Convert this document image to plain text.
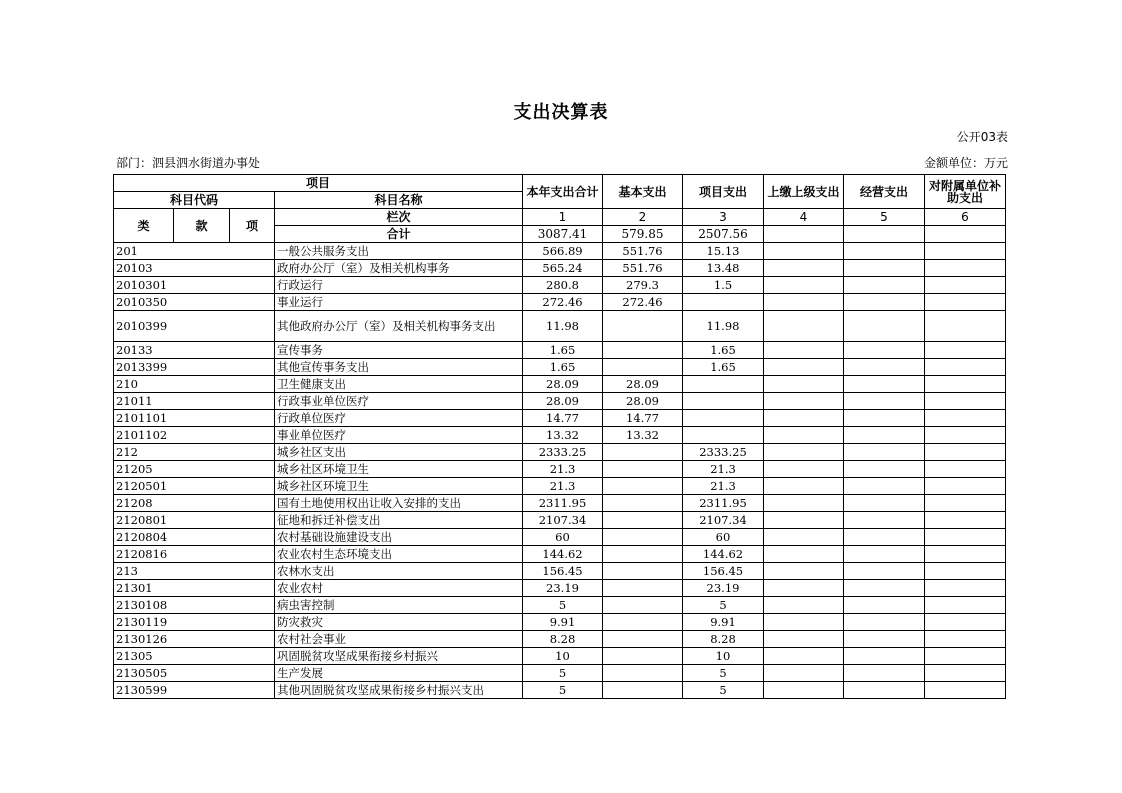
支出决算表
公开03表
部门：泗县泗水街道办事处	金额单位：万元
项目				本年支出合计	基本支出	项目支出	上缴上级支出	经营支出	对附属单位补助支出
科目代码			科目名称						
类	款	项	栏次	1	2	3	4	5	6
			合计	3087.41	579.85	2507.56			
201			一般公共服务支出	566.89	551.76	15.13			
20103			政府办公厅（室）及相关机构事务	565.24	551.76	13.48			
2010301			行政运行	280.8	279.3	1.5			
2010350			事业运行	272.46	272.46				
2010399			其他政府办公厅（室）及相关机构事务支出	11.98		11.98			
20133			宣传事务	1.65		1.65			
2013399			其他宣传事务支出	1.65		1.65			
210			卫生健康支出	28.09	28.09				
21011			行政事业单位医疗	28.09	28.09				
2101101			行政单位医疗	14.77	14.77				
2101102			事业单位医疗	13.32	13.32				
212			城乡社区支出	2333.25		2333.25			
21205			城乡社区环境卫生	21.3		21.3			
2120501			城乡社区环境卫生	21.3		21.3			
21208			国有土地使用权出让收入安排的支出	2311.95		2311.95			
2120801			征地和拆迁补偿支出	2107.34		2107.34			
2120804			农村基础设施建设支出	60		60			
2120816			农业农村生态环境支出	144.62		144.62			
213			农林水支出	156.45		156.45			
21301			农业农村	23.19		23.19			
2130108			病虫害控制	5		5			
2130119			防灾救灾	9.91		9.91			
2130126			农村社会事业	8.28		8.28			
21305			巩固脱贫攻坚成果衔接乡村振兴	10		10			
2130505			生产发展	5		5			
2130599			其他巩固脱贫攻坚成果衔接乡村振兴支出	5		5			
